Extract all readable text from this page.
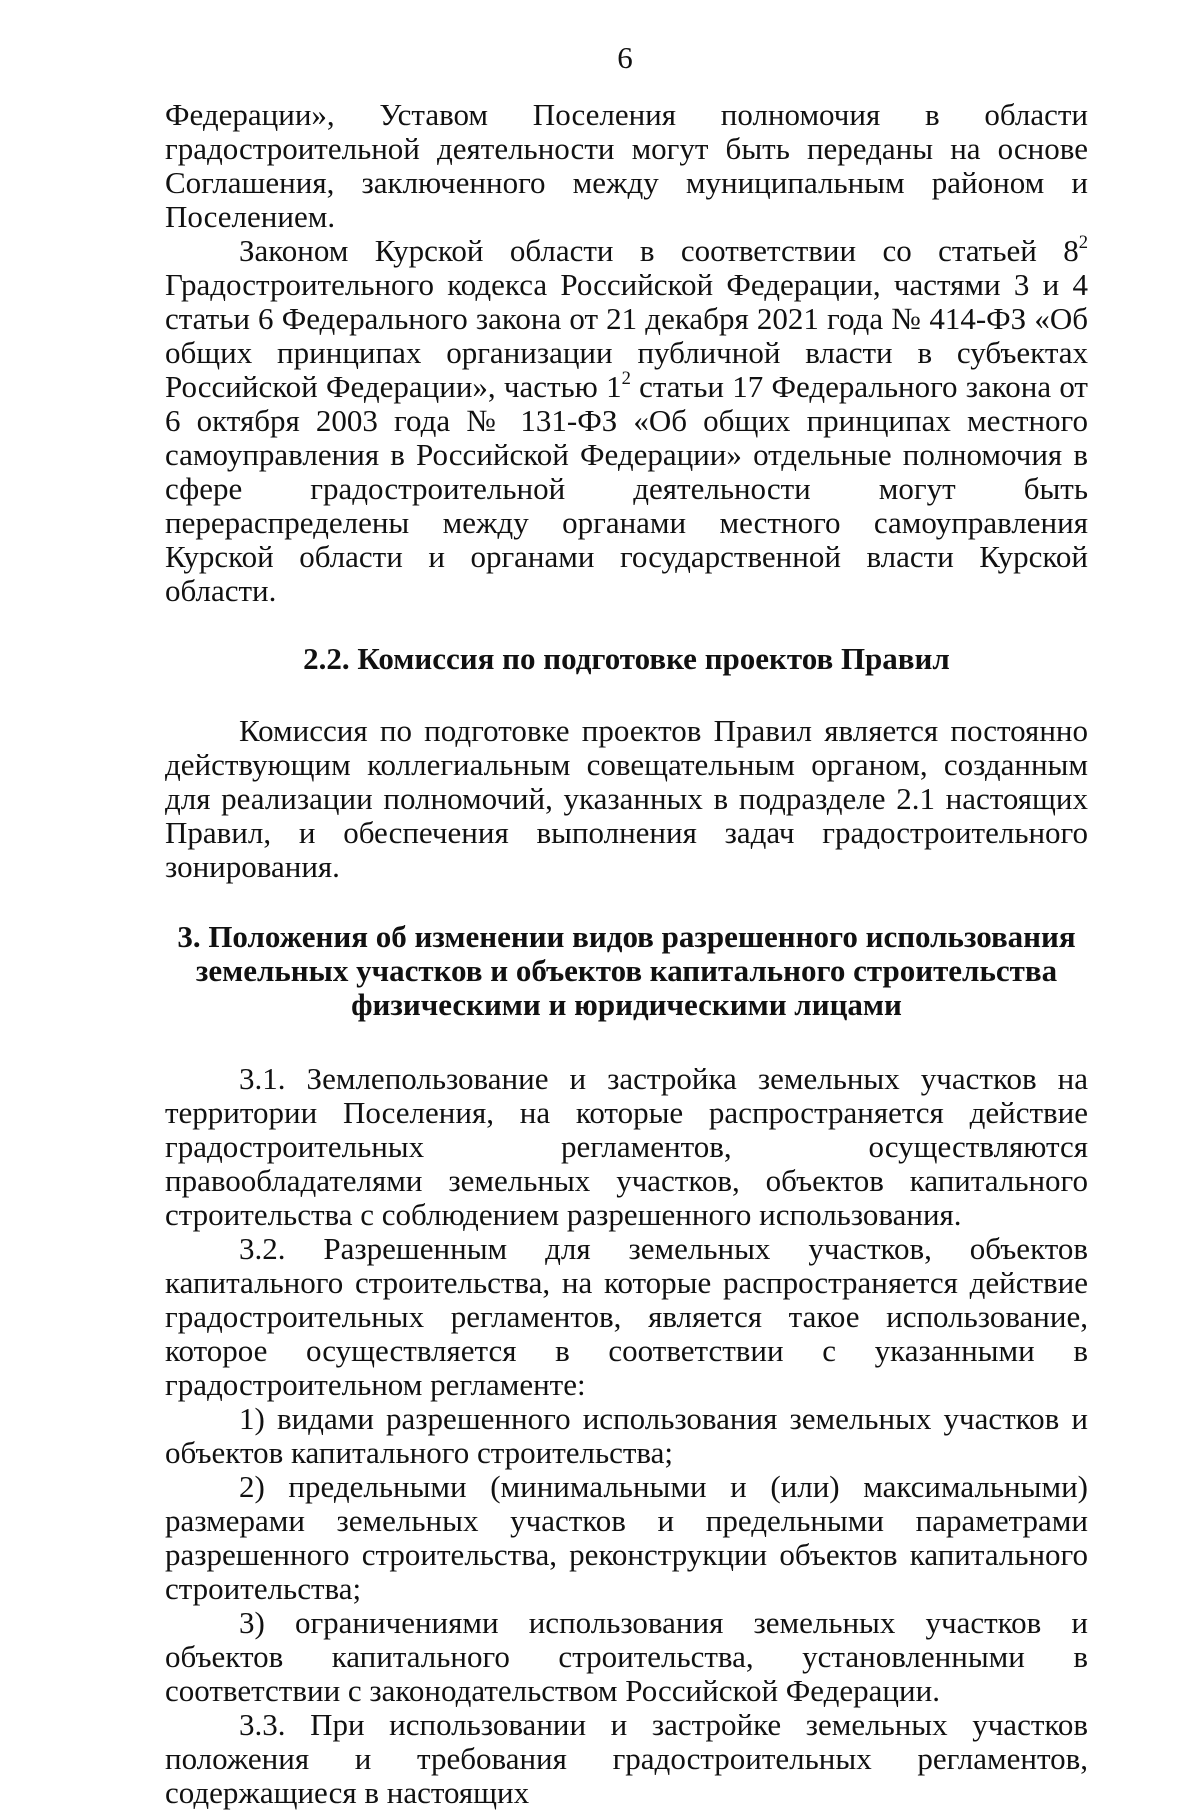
6

Федерации», Уставом Поселения полномочия в области градостроительной деятельности могут быть переданы на основе Соглашения, заключенного между муниципальным районом и Поселением.

Законом Курской области в соответствии со статьей $8^2$ Градостроительного кодекса Российской Федерации, частями 3 и 4 статьи 6 Федерального закона от 21 декабря 2021 года № 414-ФЗ «Об общих принципах организации публичной власти в субъектах Российской Федерации», частью $1^2$ статьи 17 Федерального закона от 6 октября 2003 года № 131-ФЗ «Об общих принципах местного самоуправления в Российской Федерации» отдельные полномочия в сфере градостроительной деятельности могут быть перераспределены между органами местного самоуправления Курской области и органами государственной власти Курской области.

2.2. Комиссия по подготовке проектов Правил

Комиссия по подготовке проектов Правил является постоянно действующим коллегиальным совещательным органом, созданным для реализации полномочий, указанных в подразделе 2.1 настоящих Правил, и обеспечения выполнения задач градостроительного зонирования.

3. Положения об изменении видов разрешенного использования

земельных участков и объектов капитального строительства

физическими и юридическими лицами

3.1. Землепользование и застройка земельных участков на территории Поселения, на которые распространяется действие градостроительных регламентов, осуществляются правообладателями земельных участков, объектов капитального строительства с соблюдением разрешенного использования.

3.2. Разрешенным для земельных участков, объектов капитального строительства, на которые распространяется действие градостроительных регламентов, является такое использование, которое осуществляется в соответствии с указанными в градостроительном регламенте:

1) видами разрешенного использования земельных участков и объектов капитального строительства;

2) предельными (минимальными и (или) максимальными) размерами земельных участков и предельными параметрами разрешенного строительства, реконструкции объектов капитального строительства;

3) ограничениями использования земельных участков и объектов капитального строительства, установленными в соответствии с законодательством Российской Федерации.

3.3. При использовании и застройке земельных участков положения и требования градостроительных регламентов, содержащиеся в настоящих
